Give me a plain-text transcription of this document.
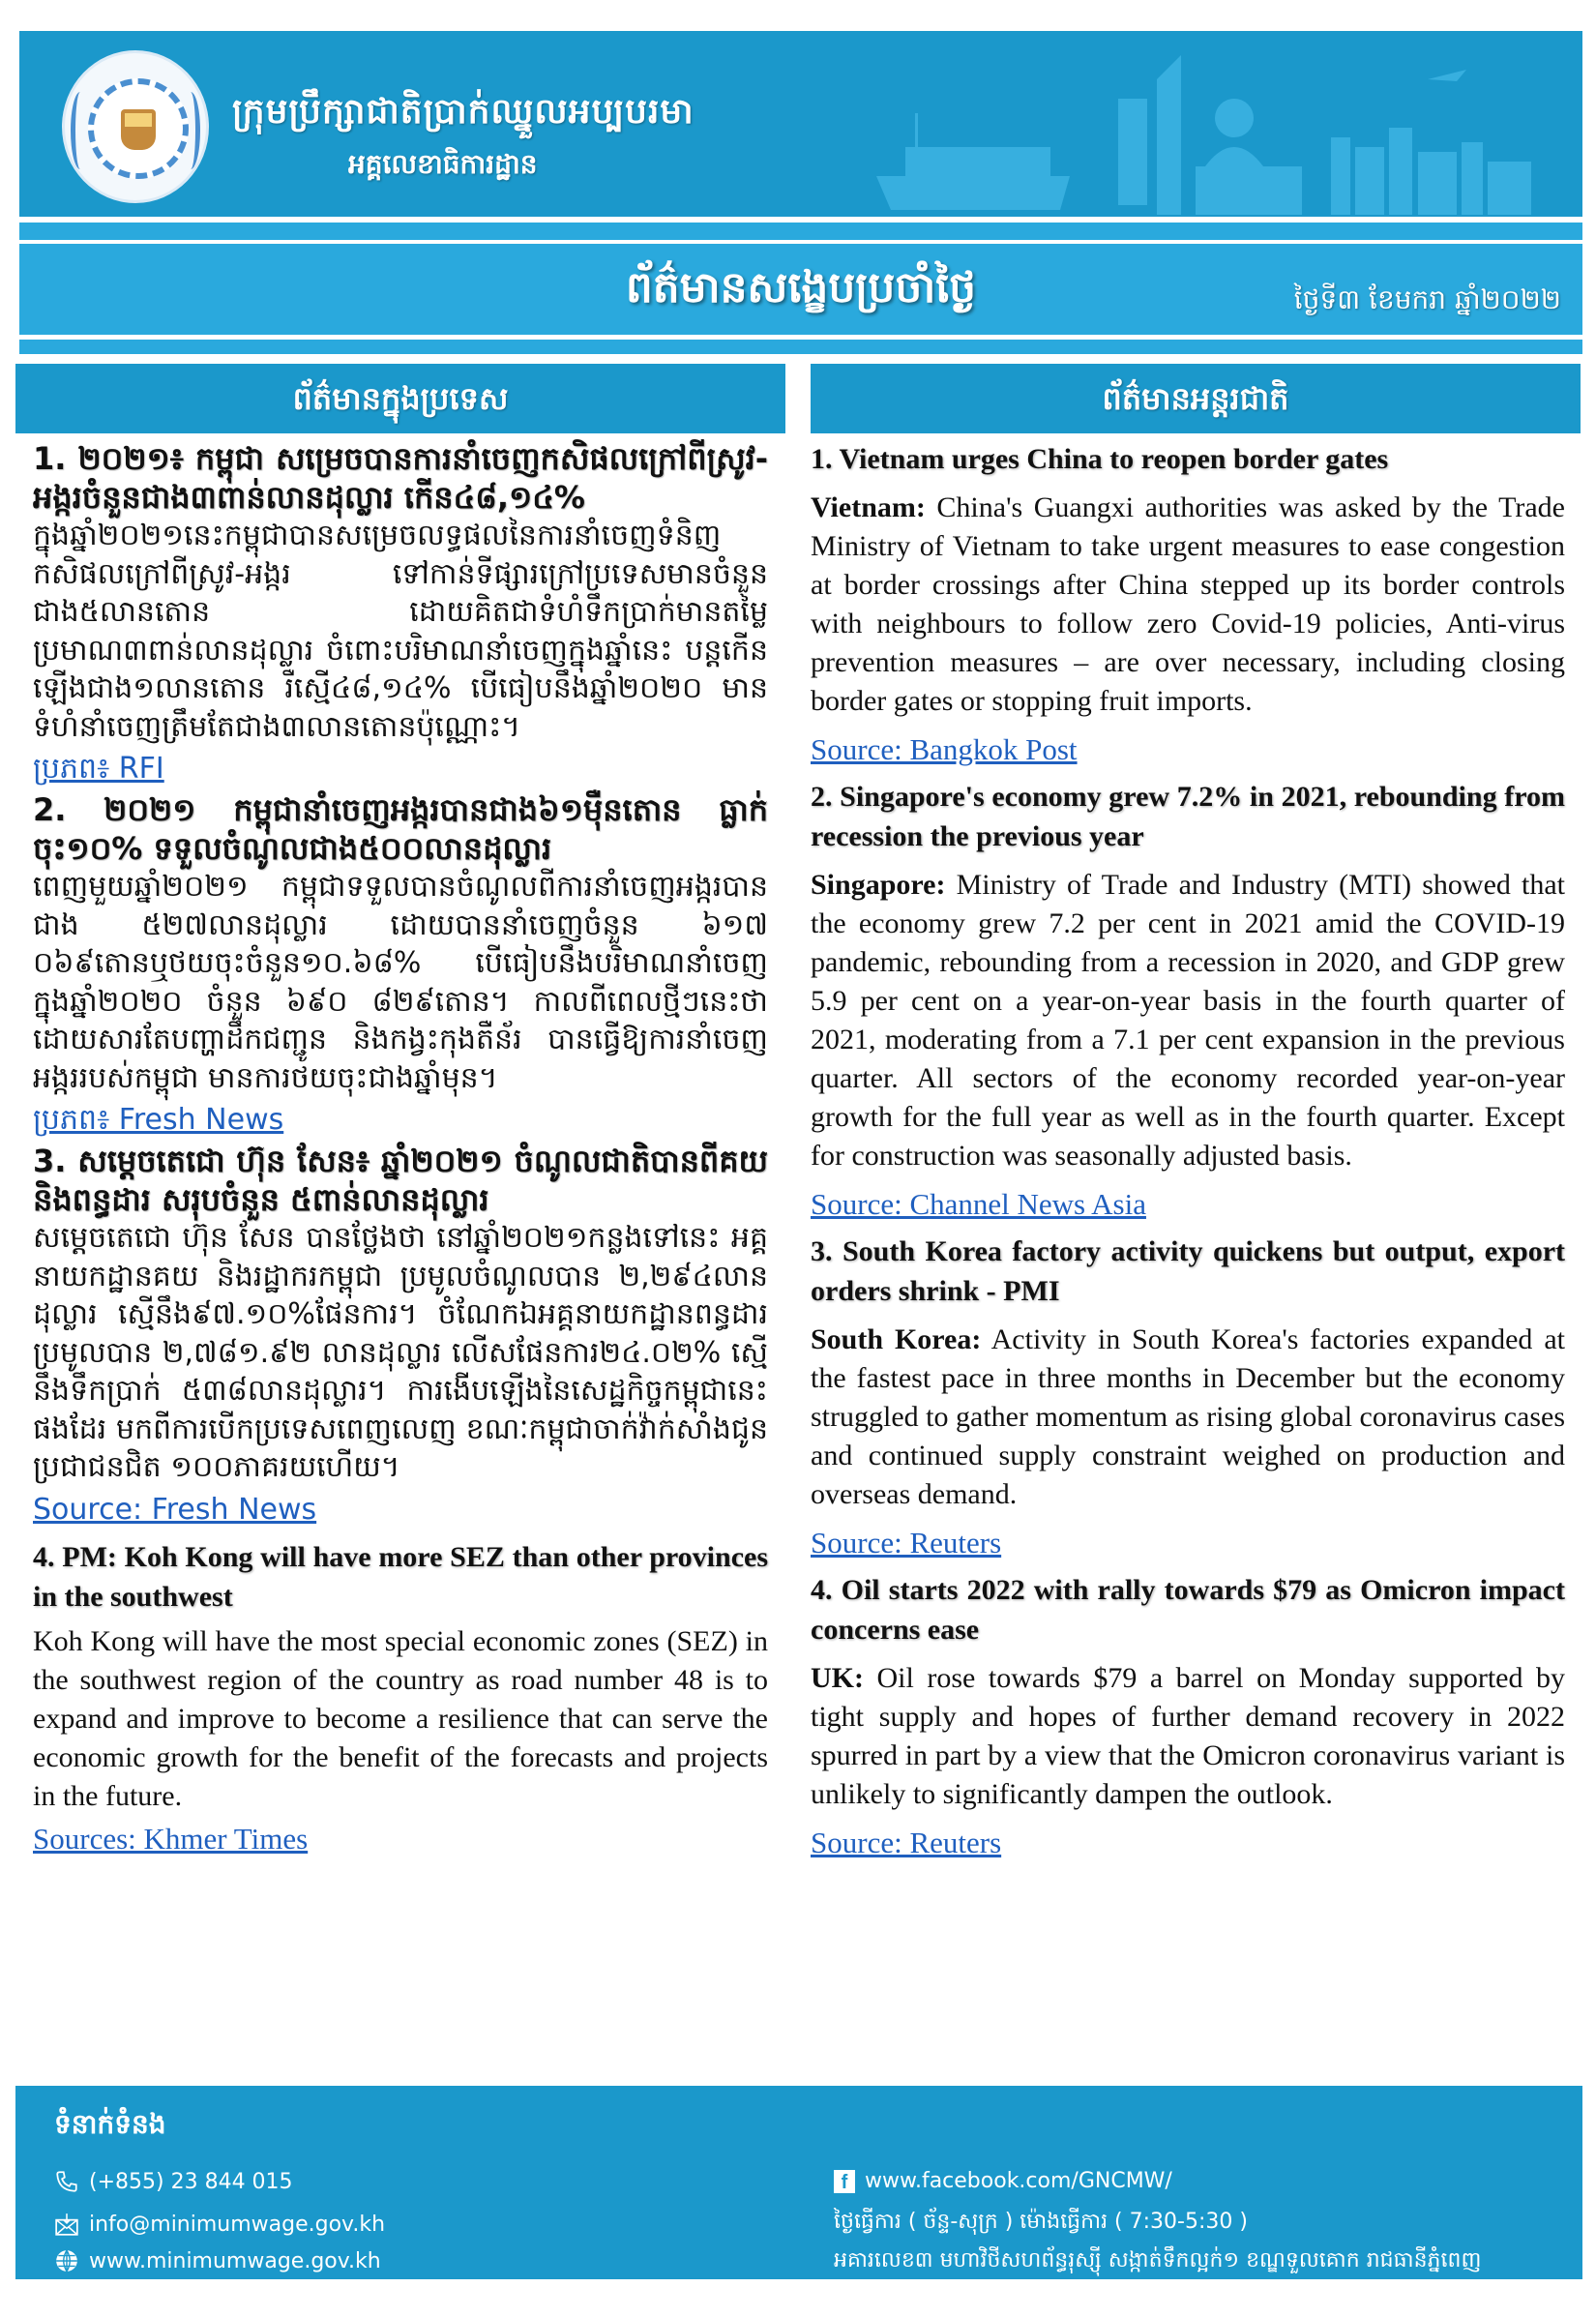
ក្រុមប្រឹក្សាជាតិប្រាក់ឈ្នួលអប្បបរមា
អគ្គលេខាធិការដ្ឋាន
ព័ត៌មានសង្ខេបប្រចាំថ្ងៃ	ថ្ងៃទី៣ ខែមករា ឆ្នាំ២០២២
ព័ត៌មានក្នុងប្រទេស
1. ២០២១៖ កម្ពុជា សម្រេចបានការនាំចេញកសិផលក្រៅពីស្រូវ-អង្ករចំនួនជាង៣ពាន់លានដុល្លារ កើន៤៨,១៤%
ក្នុងឆ្នាំ២០២១នេះកម្ពុជាបានសម្រេចលទ្ធផលនៃការនាំចេញទំនិញកសិផលក្រៅពីស្រូវ-អង្ករ ទៅកាន់ទីផ្សារក្រៅប្រទេសមានចំនួនជាង៥លានតោន ដោយគិតជាទំហំទឹកប្រាក់មានតម្លៃប្រមាណ៣ពាន់លានដុល្លារ ចំពោះបរិមាណនាំចេញក្នុងឆ្នាំនេះ បន្តកើនឡើងជាង១លានតោន រឺស្មើ៤៨,១៤% បើធៀបនឹងឆ្នាំ២០២០ មានទំហំនាំចេញត្រឹមតែជាង៣លានតោនប៉ុណ្ណោះ។
ប្រភព៖ RFI
2. ២០២១ កម្ពុជានាំចេញអង្ករបានជាង៦១ម៉ឺនតោន ធ្លាក់ចុះ១០% ទទួលចំណូលជាង៥០០លានដុល្លារ
ពេញមួយឆ្នាំ២០២១ កម្ពុជាទទួលបានចំណូលពីការនាំចេញអង្ករបានជាង ៥២៧លានដុល្លារ ដោយបាននាំចេញចំនួន ៦១៧ ០៦៩តោនឬថយចុះចំនួន១០.៦៨% បើធៀបនឹងបរិមាណនាំចេញ ក្នុងឆ្នាំ២០២០ ចំនួន ៦៩០ ៨២៩តោន។ កាលពីពេលថ្មីៗនេះថា ដោយសារតែបញ្ហាដឹកជញ្ជូន និងកង្វះកុងតឺន័រ បានធ្វើឱ្យការនាំចេញអង្កររបស់កម្ពុជា មានការថយចុះជាងឆ្នាំមុន។
ប្រភព៖ Fresh News
3. សម្ដេចតេជោ ហ៊ុន សែន៖ ឆ្នាំ២០២១ ចំណូលជាតិបានពីគយ និងពន្ធដារ សរុបចំនួន ៥ពាន់លានដុល្លារ
សម្ដេចតេជោ ហ៊ុន សែន បានថ្លែងថា នៅឆ្នាំ២០២១កន្លងទៅនេះ អគ្គនាយកដ្ឋានគយ និងរដ្ឋាករកម្ពុជា ប្រមូលចំណូលបាន ២,២៩៤លានដុល្លារ ស្មើនឹង៩៧.១០%ផែនការ។ ចំណែកឯអគ្គនាយកដ្ឋានពន្ធដារប្រមូលបាន ២,៧៨១.៩២ លានដុល្លារ លើសផែនការ២៤.០២% ស្មើនឹងទឹកប្រាក់ ៥៣៨លានដុល្លារ។ ការងើបឡើងនៃសេដ្ឋកិច្ចកម្ពុជានេះផងដែរ មកពីការបើកប្រទេសពេញលេញ ខណៈកម្ពុជាចាក់វ៉ាក់សាំងជូនប្រជាជនជិត ១០០ភាគរយហើយ។
Source: Fresh News
4. PM: Koh Kong will have more SEZ than other provinces in the southwest
Koh Kong will have the most special economic zones (SEZ) in the southwest region of the country as road number 48 is to expand and improve to become a resilience that can serve the economic growth for the benefit of the forecasts and projects in the future.
Sources: Khmer Times
ព័ត៌មានអន្តរជាតិ
1. Vietnam urges China to reopen border gates
Vietnam: China's Guangxi authorities was asked by the Trade Ministry of Vietnam to take urgent measures to ease congestion at border crossings after China stepped up its border controls with neighbours to follow zero Covid-19 policies, Anti-virus prevention measures – are over necessary, including closing border gates or stopping fruit imports.
Source: Bangkok Post
2. Singapore's economy grew 7.2% in 2021, rebounding from recession the previous year
Singapore: Ministry of Trade and Industry (MTI) showed that the economy grew 7.2 per cent in 2021 amid the COVID-19 pandemic, rebounding from a recession in 2020, and GDP grew 5.9 per cent on a year-on-year basis in the fourth quarter of 2021, moderating from a 7.1 per cent expansion in the previous quarter. All sectors of the economy recorded year-on-year growth for the full year as well as in the fourth quarter. Except for construction was seasonally adjusted basis.
Source: Channel News Asia
3. South Korea factory activity quickens but output, export orders shrink - PMI
South Korea: Activity in South Korea's factories expanded at the fastest pace in three months in December but the economy struggled to gather momentum as rising global coronavirus cases and continued supply constraint weighed on production and overseas demand.
Source: Reuters
4. Oil starts 2022 with rally towards $79 as Omicron impact concerns ease
UK: Oil rose towards $79 a barrel on Monday supported by tight supply and hopes of further demand recovery in 2022 spurred in part by a view that the Omicron coronavirus variant is unlikely to significantly dampen the outlook.
Source: Reuters
ទំនាក់ទំនង
(+855) 23 844 015
info@minimumwage.gov.kh
www.minimumwage.gov.kh
f www.facebook.com/GNCMW/
ថ្ងៃធ្វើការ ( ច័ន្ទ-សុក្រ ) ម៉ោងធ្វើការ ( 7:30-5:30 )
អគារលេខ៣ មហាវិថីសហព័ន្ធរុស្ស៊ី សង្កាត់ទឹកល្អក់១ ខណ្ឌទួលគោក រាជធានីភ្នំពេញ
